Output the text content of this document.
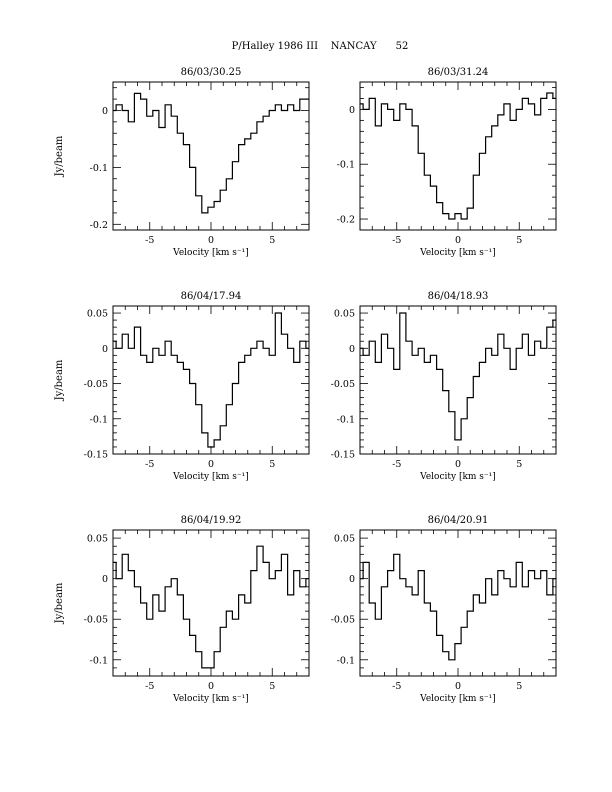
P/Halley 1986 III    NANCAY      52
86/03/30.25
-5	0	5
Velocity [km s⁻¹]
-0.2
-0.1
0
Jy/beam
86/03/31.24
-5	0	5
Velocity [km s⁻¹]
-0.2
-0.1
0
86/04/17.94
-5	0	5
Velocity [km s⁻¹]
-0.15
-0.1
-0.05
0
0.05
Jy/beam
86/04/18.93
-5	0	5
Velocity [km s⁻¹]
-0.15
-0.1
-0.05
0
0.05
86/04/19.92
-5	0	5
Velocity [km s⁻¹]
-0.1
-0.05
0
0.05
Jy/beam
86/04/20.91
-5	0	5
Velocity [km s⁻¹]
-0.1
-0.05
0
0.05
